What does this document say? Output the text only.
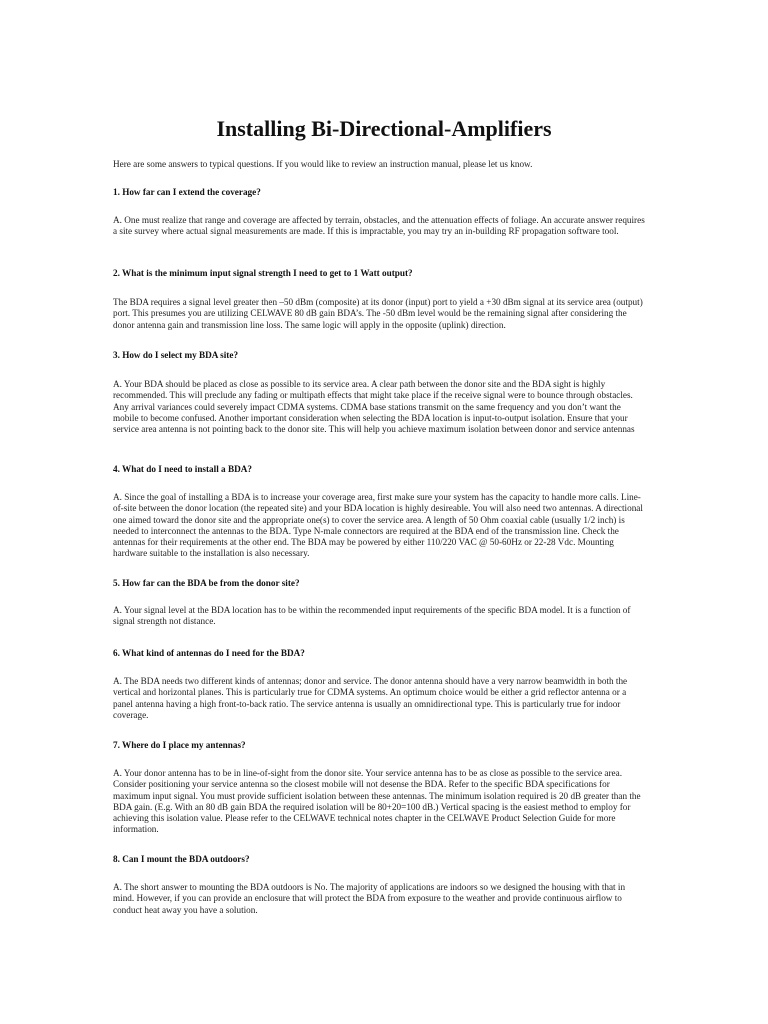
Installing Bi-Directional-Amplifiers

Here are some answers to typical questions. If you would like to review an instruction manual, please let us know.

1. How far can I extend the coverage?

A. One must realize that range and coverage are affected by terrain, obstacles, and the attenuation effects of foliage. An accurate answer requires a site survey where actual signal measurements are made. If this is impractable, you may try an in-building RF propagation software tool.

2. What is the minimum input signal strength I need to get to 1 Watt output?

The BDA requires a signal level greater then –50 dBm (composite) at its donor (input) port to yield a +30 dBm signal at its service area (output) port. This presumes you are utilizing CELWAVE 80 dB gain BDA’s. The -50 dBm level would be the remaining signal after considering the donor antenna gain and transmission line loss. The same logic will apply in the opposite (uplink) direction.

3. How do I select my BDA site?

A. Your BDA should be placed as close as possible to its service area. A clear path between the donor site and the BDA sight is highly recommended. This will preclude any fading or multipath effects that might take place if the receive signal were to bounce through obstacles. Any arrival variances could severely impact CDMA systems. CDMA base stations transmit on the same frequency and you don’t want the mobile to become confused. Another important consideration when selecting the BDA location is input-to-output isolation. Ensure that your service area antenna is not pointing back to the donor site. This will help you achieve maximum isolation between donor and service antennas

4. What do I need to install a BDA?

A. Since the goal of installing a BDA is to increase your coverage area, first make sure your system has the capacity to handle more calls. Line-of-site between the donor location (the repeated site) and your BDA location is highly desireable. You will also need two antennas. A directional one aimed toward the donor site and the appropriate one(s) to cover the service area. A length of 50 Ohm coaxial cable (usually 1/2 inch) is needed to interconnect the antennas to the BDA. Type N-male connectors are required at the BDA end of the transmission line. Check the antennas for their requirements at the other end. The BDA may be powered by either 110/220 VAC @ 50-60Hz or 22-28 Vdc. Mounting hardware suitable to the installation is also necessary.

5. How far can the BDA be from the donor site?

A. Your signal level at the BDA location has to be within the recommended input requirements of the specific BDA model. It is a function of signal strength not distance.

6. What kind of antennas do I need for the BDA?

A. The BDA needs two different kinds of antennas; donor and service. The donor antenna should have a very narrow beamwidth in both the vertical and horizontal planes. This is particularly true for CDMA systems. An optimum choice would be either a grid reflector antenna or a panel antenna having a high front-to-back ratio. The service antenna is usually an omnidirectional type. This is particularly true for indoor coverage.

7. Where do I place my antennas?

A. Your donor antenna has to be in line-of-sight from the donor site. Your service antenna has to be as close as possible to the service area. Consider positioning your service antenna so the closest mobile will not desense the BDA. Refer to the specific BDA specifications for maximum input signal. You must provide sufficient isolation between these antennas. The minimum isolation required is 20 dB greater than the BDA gain. (E.g. With an 80 dB gain BDA the required isolation will be 80+20=100 dB.) Vertical spacing is the easiest method to employ for achieving this isolation value. Please refer to the CELWAVE technical notes chapter in the CELWAVE Product Selection Guide for more information.

8. Can I mount the BDA outdoors?

A. The short answer to mounting the BDA outdoors is No. The majority of applications are indoors so we designed the housing with that in mind. However, if you can provide an enclosure that will protect the BDA from exposure to the weather and provide continuous airflow to conduct heat away you have a solution.
